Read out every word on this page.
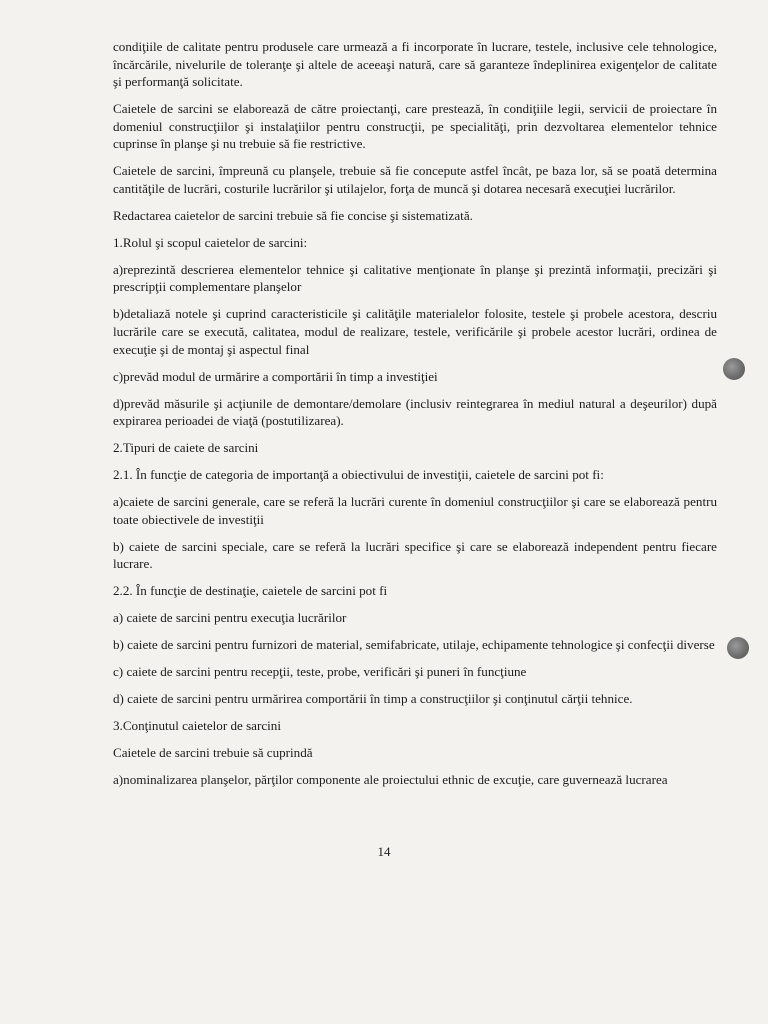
condiţiile de calitate pentru produsele care urmează a fi incorporate în lucrare, testele, inclusive cele tehnologice, încărcările, nivelurile de toleranţe şi altele de aceeaşi natură, care să garanteze îndeplinirea exigenţelor de calitate şi performanţă solicitate.

Caietele de sarcini se elaborează de către proiectanţi, care prestează, în condiţiile legii, servicii de proiectare în domeniul construcţiilor şi instalaţiilor pentru construcţii, pe specialităţi, prin dezvoltarea elementelor tehnice cuprinse în planşe şi nu trebuie să fie restrictive.

Caietele de sarcini, împreună cu planşele, trebuie să fie concepute astfel încât, pe baza lor, să se poată determina cantităţile de lucrări, costurile lucrărilor şi utilajelor, forţa de muncă şi dotarea necesară execuţiei lucrărilor.

Redactarea caietelor de sarcini trebuie să fie concise şi sistematizată.

1.Rolul şi scopul caietelor de sarcini:

a)reprezintă descrierea elementelor tehnice şi calitative menţionate în planşe şi prezintă informaţii, precizări şi prescripţii complementare planşelor

b)detaliază notele şi cuprind caracteristicile şi calităţile materialelor folosite, testele şi probele acestora, descriu lucrările care se execută, calitatea, modul de realizare, testele, verificările şi probele acestor lucrări, ordinea de execuţie şi de montaj şi aspectul final

c)prevăd modul de urmărire a comportării în timp a investiţiei

d)prevăd măsurile şi acţiunile de demontare/demolare (inclusiv reintegrarea în mediul natural a deşeurilor) după expirarea perioadei de viaţă (postutilizarea).

2.Tipuri de caiete de sarcini

2.1. În funcţie de categoria de importanţă a obiectivului de investiţii, caietele de sarcini pot fi:

a)caiete de sarcini generale, care se referă la lucrări curente în domeniul construcţiilor şi care se elaborează pentru toate obiectivele de investiţii

b) caiete de sarcini speciale, care se referă la lucrări specifice şi care se elaborează independent pentru fiecare lucrare.

2.2. În funcţie de destinaţie, caietele de sarcini pot fi

a) caiete de sarcini pentru execuţia lucrărilor

b) caiete de sarcini pentru furnizori de material, semifabricate, utilaje, echipamente tehnologice şi confecţii diverse

c) caiete de sarcini pentru recepţii, teste, probe, verificări şi puneri în funcţiune

d) caiete de sarcini pentru urmărirea comportării în timp a construcţiilor şi conţinutul cărţii tehnice.

3.Conţinutul caietelor de sarcini

Caietele de sarcini trebuie să cuprindă

a)nominalizarea planşelor, părţilor componente ale proiectului ethnic de excuţie, care guvernează lucrarea

14
